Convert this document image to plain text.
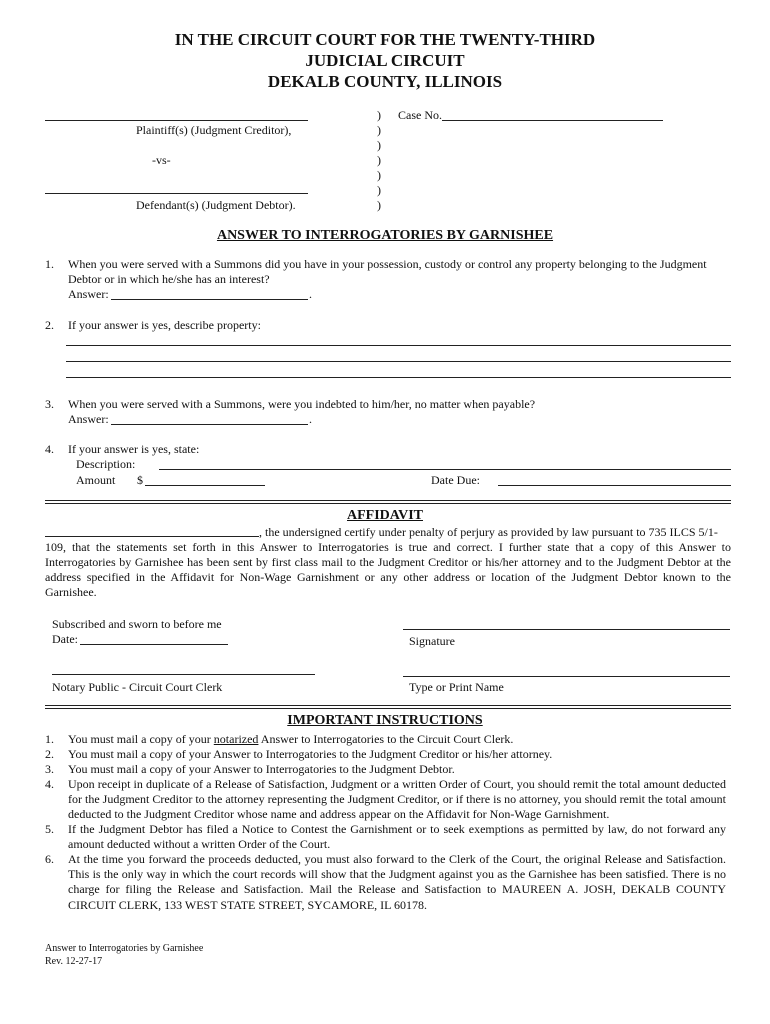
IN THE CIRCUIT COURT FOR THE TWENTY-THIRD
JUDICIAL CIRCUIT
DEKALB COUNTY, ILLINOIS
Plaintiff(s) (Judgment Creditor),
-vs-
Defendant(s) (Judgment Debtor).
)
)
)
)
)
)
)
Case No.
ANSWER TO INTERROGATORIES BY GARNISHEE
1. When you were served with a Summons did you have in your possession, custody or control any property belonging to the Judgment
Debtor or in which he/she has an interest?
Answer:	.
2. If your answer is yes, describe property:
3. When you were served with a Summons, were you indebted to him/her, no matter when payable?
Answer:	.
4. If your answer is yes, state:
Description:
Amount $	Date Due:
AFFIDAVIT
, the undersigned certify under penalty of perjury as provided by law pursuant to 735 ILCS 5/1-
109, that the statements set forth in this Answer to Interrogatories is true and correct. I further state that a copy of this Answer to Interrogatories by Garnishee has been sent by first class mail to the Judgment Creditor or his/her attorney and to the Judgment Debtor at the address specified in the Affidavit for Non-Wage Garnishment or any other address or location of the Judgment Debtor known to the Garnishee.
Subscribed and sworn to before me
Date:	Signature
Notary Public - Circuit Court Clerk	Type or Print Name
IMPORTANT INSTRUCTIONS
1. You must mail a copy of your notarized Answer to Interrogatories to the Circuit Court Clerk.
2. You must mail a copy of your Answer to Interrogatories to the Judgment Creditor or his/her attorney.
3. You must mail a copy of your Answer to Interrogatories to the Judgment Debtor.
4. Upon receipt in duplicate of a Release of Satisfaction, Judgment or a written Order of Court, you should remit the total amount deducted for the Judgment Creditor to the attorney representing the Judgment Creditor, or if there is no attorney, you should remit the total amount deducted to the Judgment Creditor whose name and address appear on the Affidavit for Non-Wage Garnishment.
5. If the Judgment Debtor has filed a Notice to Contest the Garnishment or to seek exemptions as permitted by law, do not forward any amount deducted without a written Order of the Court.
6. At the time you forward the proceeds deducted, you must also forward to the Clerk of the Court, the original Release and Satisfaction. This is the only way in which the court records will show that the Judgment against you as the Garnishee has been satisfied. There is no charge for filing the Release and Satisfaction. Mail the Release and Satisfaction to MAUREEN A. JOSH, DEKALB COUNTY CIRCUIT CLERK, 133 WEST STATE STREET, SYCAMORE, IL 60178.
Answer to Interrogatories by Garnishee
Rev. 12-27-17
